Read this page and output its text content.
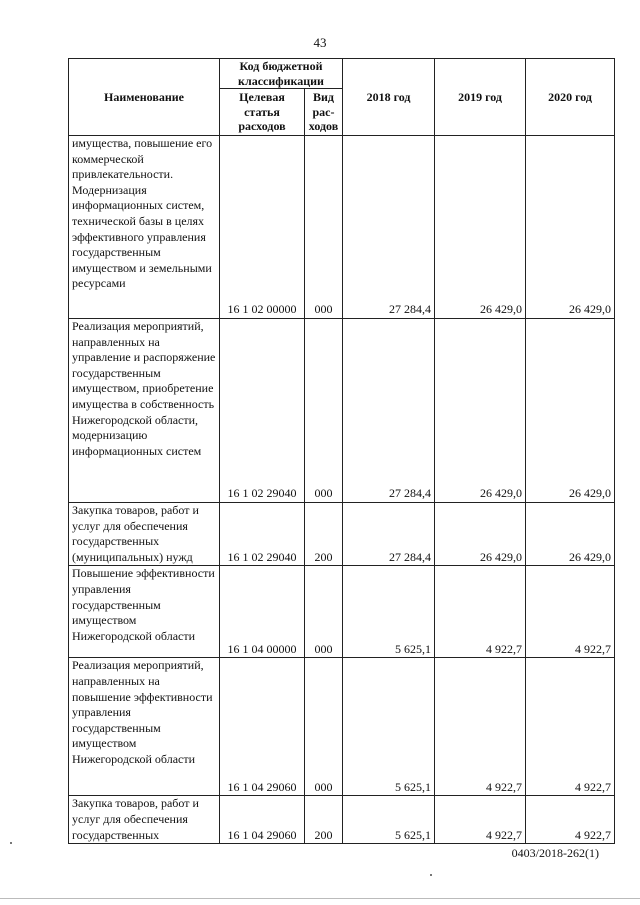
43
Наименование	Код бюджетной классификации		2018 год	2019 год	2020 год
	Целевая статья расходов	Вид рас- ходов			
имущества, повышение его коммерческой привлекательности. Модернизация информационных систем, технической базы в целях эффективного управления государственным имуществом и земельными ресурсами	16 1 02 00000	000	27 284,4	26 429,0	26 429,0
Реализация мероприятий, направленных на управление и распоряжение государственным имуществом, приобретение имущества в собственность Нижегородской области, модернизацию информационных систем	16 1 02 29040	000	27 284,4	26 429,0	26 429,0
Закупка товаров, работ и услуг для обеспечения государственных (муниципальных) нужд	16 1 02 29040	200	27 284,4	26 429,0	26 429,0
Повышение эффективности управления государственным имуществом Нижегородской области	16 1 04 00000	000	5 625,1	4 922,7	4 922,7
Реализация мероприятий, направленных на повышение эффективности управления государственным имуществом Нижегородской области	16 1 04 29060	000	5 625,1	4 922,7	4 922,7
Закупка товаров, работ и услуг для обеспечения государственных	16 1 04 29060	200	5 625,1	4 922,7	4 922,7
0403/2018-262(1)
